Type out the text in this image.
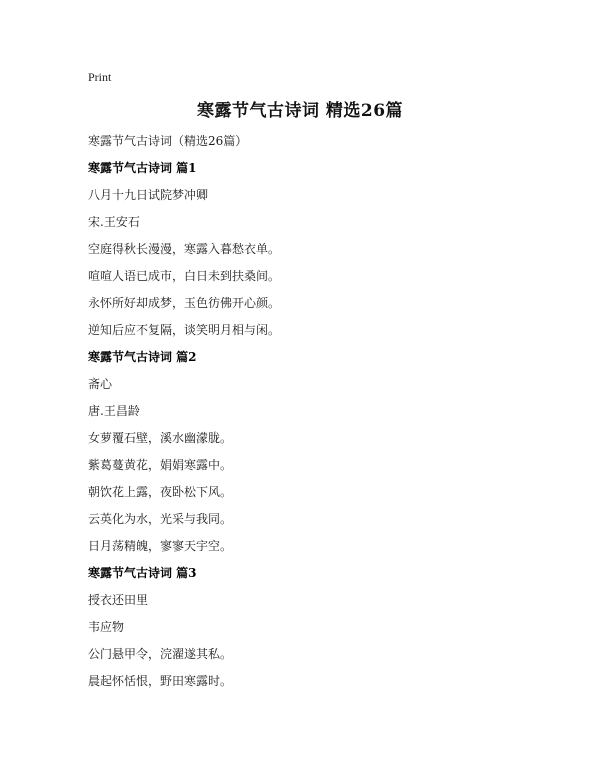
Print
寒露节气古诗词 精选26篇
寒露节气古诗词（精选26篇）
寒露节气古诗词 篇1
八月十九日试院梦冲卿
宋.王安石
空庭得秋长漫漫，寒露入暮愁衣单。
喧喧人语已成市，白日未到扶桑间。
永怀所好却成梦，玉色彷佛开心颜。
逆知后应不复隔，谈笑明月相与闲。
寒露节气古诗词 篇2
斋心
唐.王昌龄
女萝覆石壁，溪水幽濛胧。
紫葛蔓黄花，娟娟寒露中。
朝饮花上露，夜卧松下风。
云英化为水，光采与我同。
日月荡精魄，寥寥天宇空。
寒露节气古诗词 篇3
授衣还田里
韦应物
公门悬甲令，浣濯遂其私。
晨起怀恬恨，野田寒露时。
